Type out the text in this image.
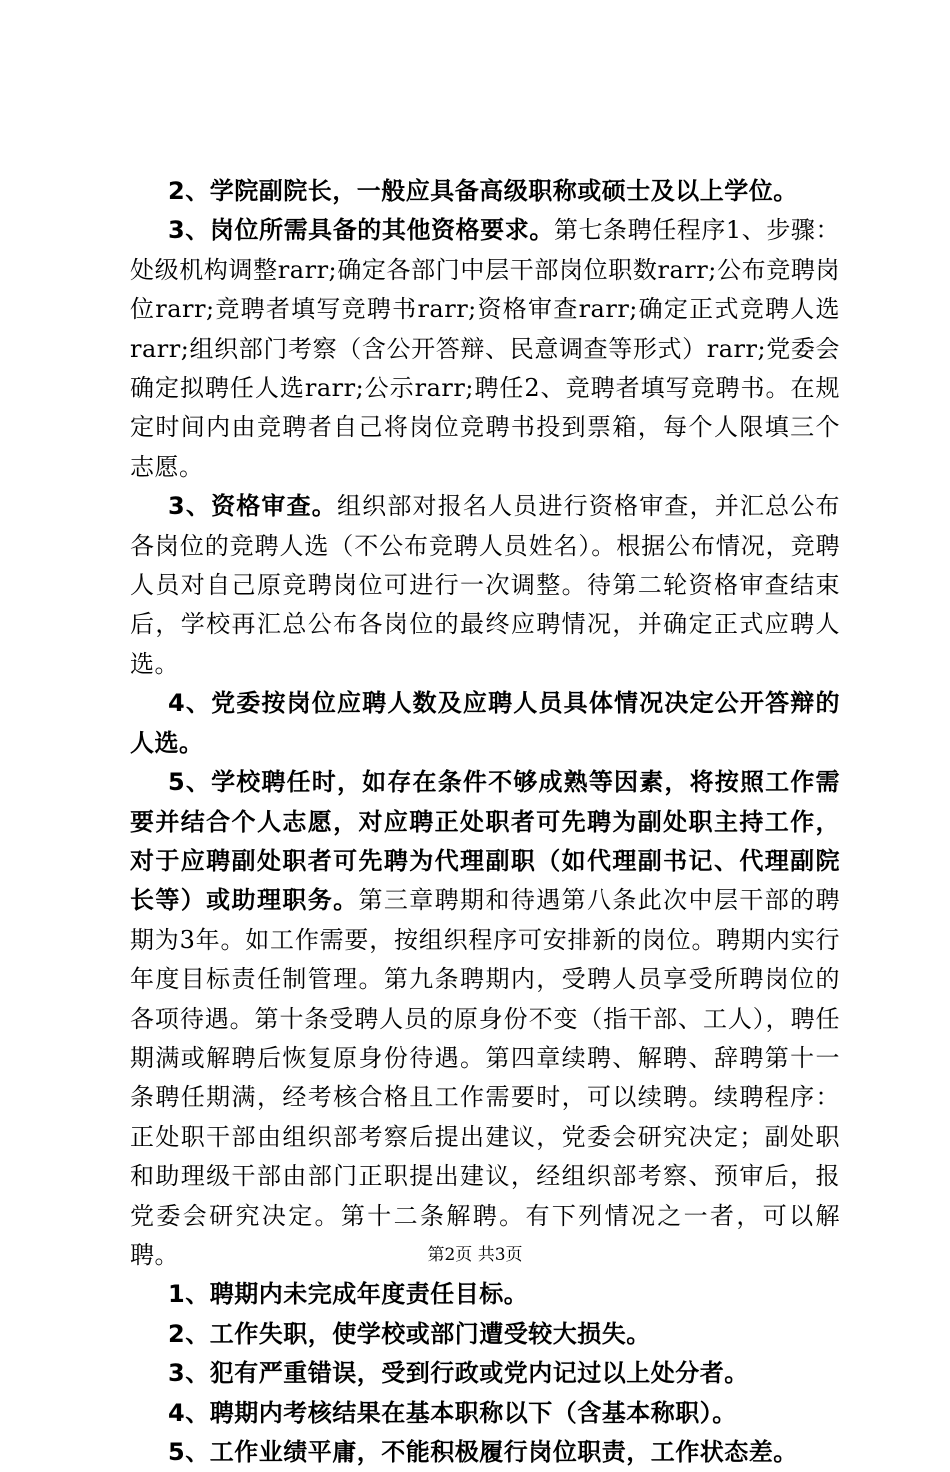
2、学院副院长，一般应具备高级职称或硕士及以上学位。

3、岗位所需具备的其他资格要求。第七条聘任程序1、步骤：处级机构调整rarr;确定各部门中层干部岗位职数rarr;公布竞聘岗位rarr;竞聘者填写竞聘书rarr;资格审查rarr;确定正式竞聘人选rarr;组织部门考察（含公开答辩、民意调查等形式）rarr;党委会确定拟聘任人选rarr;公示rarr;聘任2、竞聘者填写竞聘书。在规定时间内由竞聘者自己将岗位竞聘书投到票箱，每个人限填三个志愿。

3、资格审查。组织部对报名人员进行资格审查，并汇总公布各岗位的竞聘人选（不公布竞聘人员姓名）。根据公布情况，竞聘人员对自己原竞聘岗位可进行一次调整。待第二轮资格审查结束后，学校再汇总公布各岗位的最终应聘情况，并确定正式应聘人选。

4、党委按岗位应聘人数及应聘人员具体情况决定公开答辩的人选。

5、学校聘任时，如存在条件不够成熟等因素，将按照工作需要并结合个人志愿，对应聘正处职者可先聘为副处职主持工作，对于应聘副处职者可先聘为代理副职（如代理副书记、代理副院长等）或助理职务。第三章聘期和待遇第八条此次中层干部的聘期为3年。如工作需要，按组织程序可安排新的岗位。聘期内实行年度目标责任制管理。第九条聘期内，受聘人员享受所聘岗位的各项待遇。第十条受聘人员的原身份不变（指干部、工人），聘任期满或解聘后恢复原身份待遇。第四章续聘、解聘、辞聘第十一条聘任期满，经考核合格且工作需要时，可以续聘。续聘程序：正处职干部由组织部考察后提出建议，党委会研究决定；副处职和助理级干部由部门正职提出建议，经组织部考察、预审后，报党委会研究决定。第十二条解聘。有下列情况之一者，可以解聘。

1、聘期内未完成年度责任目标。

2、工作失职，使学校或部门遭受较大损失。

3、犯有严重错误，受到行政或党内记过以上处分者。

4、聘期内考核结果在基本职称以下（含基本称职）。

5、工作业绩平庸，不能积极履行岗位职责，工作状态差。

第2页 共3页
